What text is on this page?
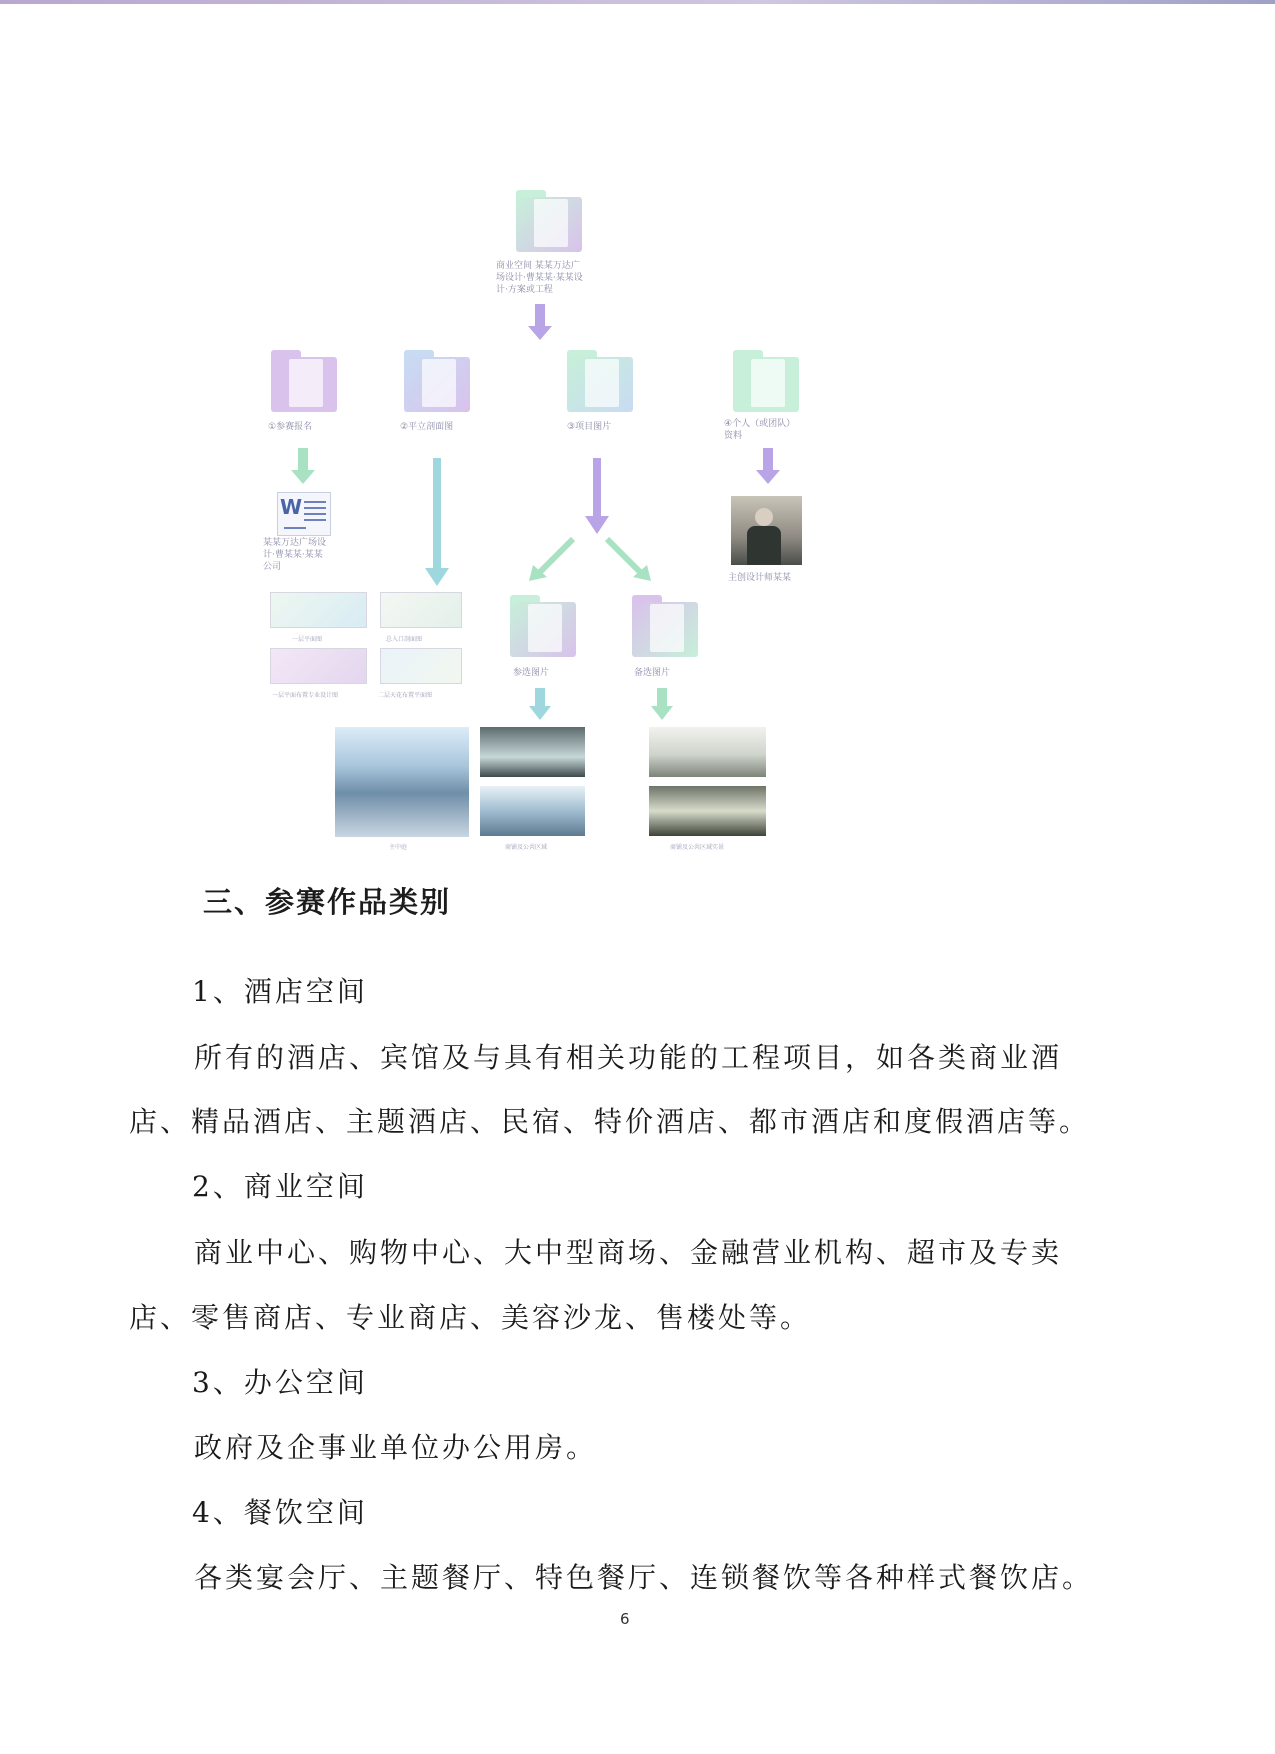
商业空间 某某万达广
场设计·曹某某·某某设
计·方案或工程
①参赛报名	②平立剖面图	③项目图片	④个人（或团队）
资料
W
某某万达广场设
计·曹某某·某某
公司
主创设计师某某
一层平面图	总入口剖面图
一层平面布置专业设计图	二层天花布置平面图
参选图片	备选图片
主中庭	商铺及公共区域	商铺及公共区域实景
三、参赛作品类别
1、酒店空间
所有的酒店、宾馆及与具有相关功能的工程项目，如各类商业酒
店、精品酒店、主题酒店、民宿、特价酒店、都市酒店和度假酒店等。
2、商业空间
商业中心、购物中心、大中型商场、金融营业机构、超市及专卖
店、零售商店、专业商店、美容沙龙、售楼处等。
3、办公空间
政府及企事业单位办公用房。
4、餐饮空间
各类宴会厅、主题餐厅、特色餐厅、连锁餐饮等各种样式餐饮店。
6
